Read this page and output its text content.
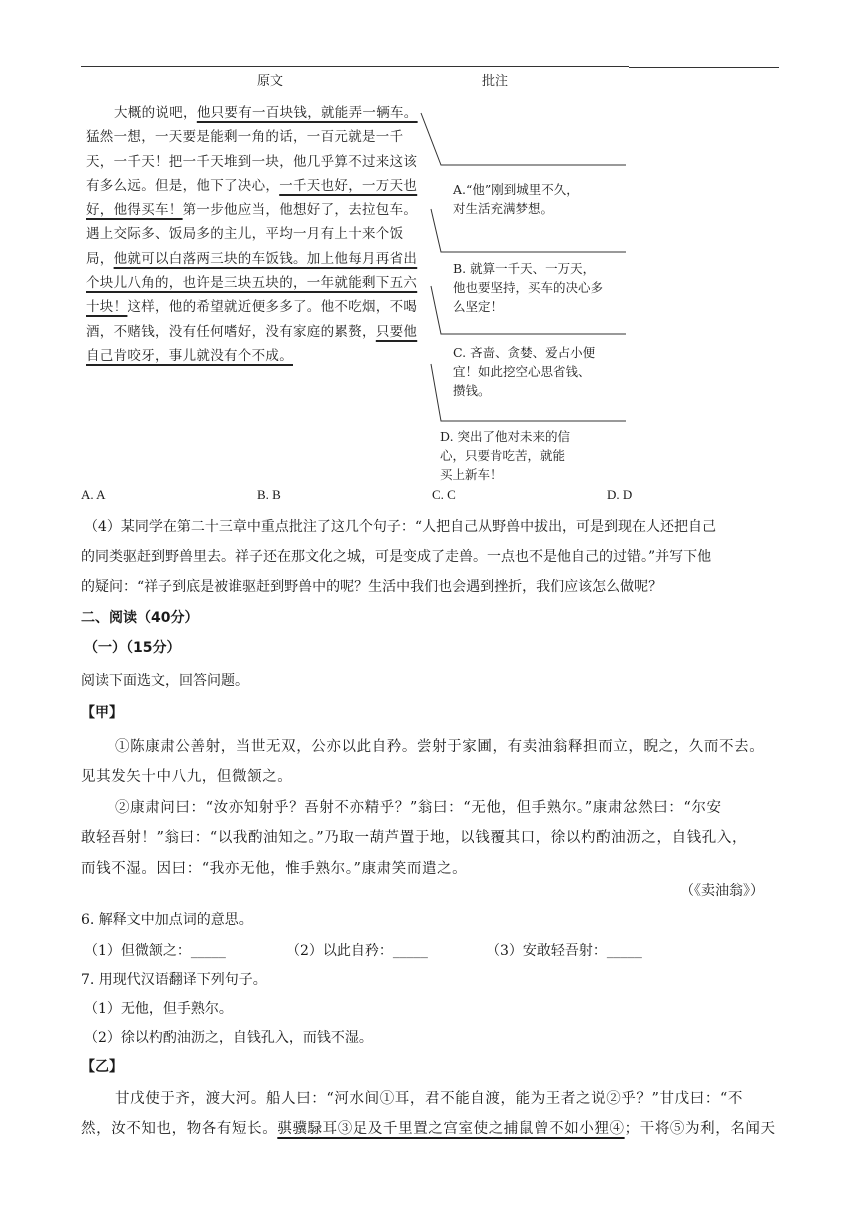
原文	批注

大概的说吧，他只要有一百块钱，就能弄一辆车。

猛然一想，一天要是能剩一角的话，一百元就是一千

天，一千天！把一千天堆到一块，他几乎算不过来这该

有多么远。但是，他下了决心，一千天也好，一万天也

好，他得买车！第一步他应当，他想好了，去拉包车。

遇上交际多、饭局多的主儿，平均一月有上十来个饭

局，他就可以白落两三块的车饭钱。加上他每月再省出

个块儿八角的，也许是三块五块的，一年就能剩下五六

十块！这样，他的希望就近便多多了。他不吃烟，不喝

酒，不赌钱，没有任何嗜好，没有家庭的累赘，只要他

自己肯咬牙，事儿就没有个不成。

A.“他”刚到城里不久，

对生活充满梦想。

B. 就算一千天、一万天，

他也要坚持，买车的决心多

么坚定！

C. 吝啬、贪婪、爱占小便

宜！如此挖空心思省钱、

攒钱。

D. 突出了他对未来的信

心，只要肯吃苦，就能

买上新车！

A. A	B. B	C. C	D. D
（4）某同学在第二十三章中重点批注了这几个句子：“人把自己从野兽中拔出，可是到现在人还把自己
的同类驱赶到野兽里去。祥子还在那文化之城，可是变成了走兽。一点也不是他自己的过错。”并写下他
的疑问：“祥子到底是被谁驱赶到野兽中的呢？生活中我们也会遇到挫折，我们应该怎么做呢？
二、阅读（40分）
（一）（15分）
阅读下面选文，回答问题。
【甲】
①陈康肃公善射，当世无双，公亦以此自矜。尝射于家圃，有卖油翁释担而立，睨之，久而不去。
见其发矢十中八九，但微颔之。
②康肃问曰：“汝亦知射乎？吾射不亦精乎？”翁曰：“无他，但手熟尔。”康肃忿然曰：“尔安
敢轻吾射！”翁曰：“以我酌油知之。”乃取一葫芦置于地，以钱覆其口，徐以杓酌油沥之，自钱孔入，
而钱不湿。因曰：“我亦无他，惟手熟尔。”康肃笑而遣之。
（《卖油翁》）
6. 解释文中加点词的意思。
（1）但微颔之：_____	（2）以此自矜：_____	（3）安敢轻吾射：_____
7. 用现代汉语翻译下列句子。
（1）无他，但手熟尔。
（2）徐以杓酌油沥之，自钱孔入，而钱不湿。
【乙】
甘戊使于齐，渡大河。船人曰：“河水间①耳，君不能自渡，能为王者之说②乎？”甘戊曰：“不
然，汝不知也，物各有短长。骐骥騄耳③足及千里置之宫室使之捕鼠曾不如小狸④；干将⑤为利，名闻天
